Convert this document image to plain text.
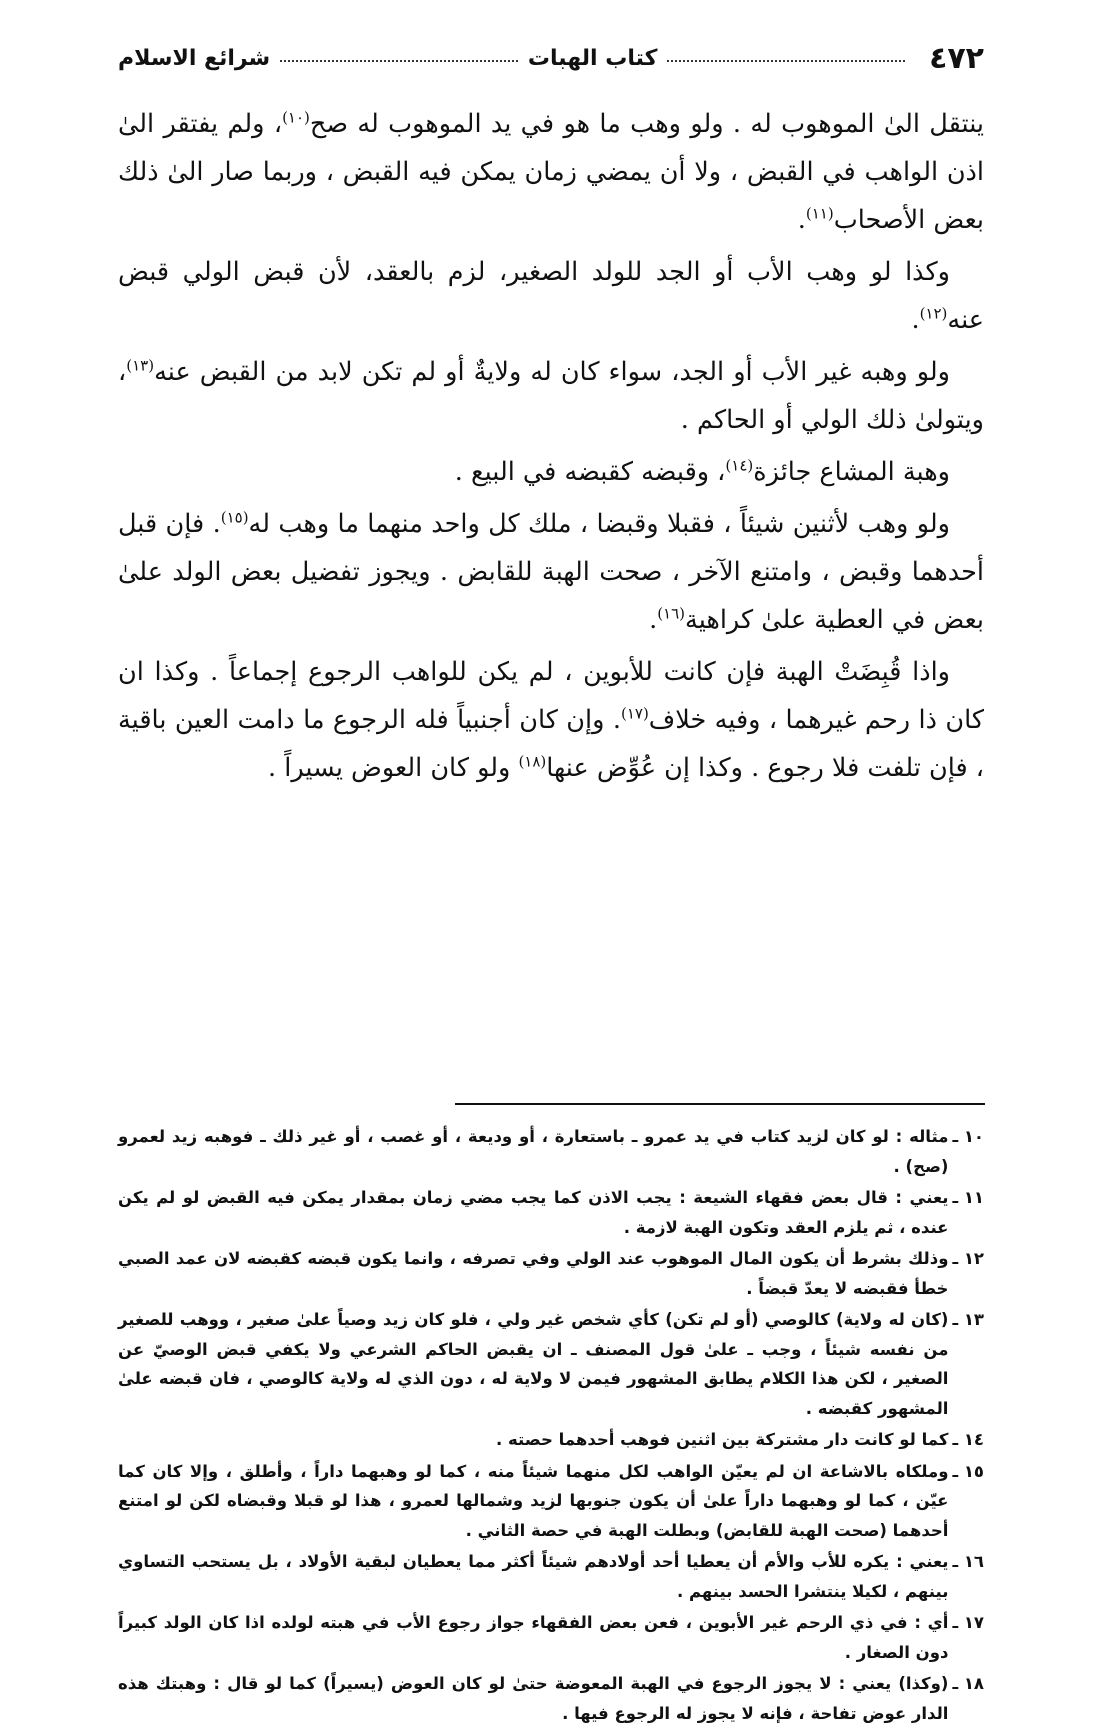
٤٧٢
كتاب الهبات
شرائع الاسلام

ينتقل الىٰ الموهوب له . ولو وهب ما هو في يد الموهوب له صح$^{(١٠)}$، ولم يفتقر الىٰ اذن الواهب في القبض ، ولا أن يمضي زمان يمكن فيه القبض ، وربما صار الىٰ ذلك بعض الأصحاب$^{(١١)}$.

وكذا لو وهب الأب أو الجد للولد الصغير، لزم بالعقد، لأن قبض الولي قبض عنه$^{(١٢)}$.

ولو وهبه غير الأب أو الجد، سواء كان له ولايةٌ أو لم تكن لابد من القبض عنه$^{(١٣)}$، ويتولىٰ ذلك الولي أو الحاكم .

وهبة المشاع جائزة$^{(١٤)}$، وقبضه كقبضه في البيع .

ولو وهب لأثنين شيئاً ، فقبلا وقبضا ، ملك كل واحد منهما ما وهب له$^{(١٥)}$. فإن قبل أحدهما وقبض ، وامتنع الآخر ، صحت الهبة للقابض . ويجوز تفضيل بعض الولد علىٰ بعض في العطية علىٰ كراهية$^{(١٦)}$.

واذا قُبِضَتْ الهبة فإن كانت للأبوين ، لم يكن للواهب الرجوع إجماعاً . وكذا ان كان ذا رحم غيرهما ، وفيه خلاف$^{(١٧)}$. وإن كان أجنبياً فله الرجوع ما دامت العين باقية ، فإن تلفت فلا رجوع . وكذا إن عُوِّض عنها$^{(١٨)}$ ولو كان العوض يسيراً .

١٠ ـ
مثاله : لو كان لزيد كتاب في يد عمرو ـ باستعارة ، أو وديعة ، أو غصب ، أو غير ذلك ـ فوهبه زيد لعمرو (صح) .
١١ ـ
يعني : قال بعض فقهاء الشيعة : يجب الاذن كما يجب مضي زمان بمقدار يمكن فيه القبض لو لم يكن عنده ، ثم يلزم العقد وتكون الهبة لازمة .
١٢ ـ
وذلك بشرط أن يكون المال الموهوب عند الولي وفي تصرفه ، وانما يكون قبضه كقبضه لان عمد الصبي خطأ فقبضه لا يعدّ قبضاً .
١٣ ـ
(كان له ولاية) كالوصي (أو لم تكن) كأي شخص غير ولي ، فلو كان زيد وصياً علىٰ صغير ، ووهب للصغير من نفسه شيئاً ، وجب ـ علىٰ قول المصنف ـ ان يقبض الحاكم الشرعي ولا يكفي قبض الوصيّ عن الصغير ، لكن هذا الكلام يطابق المشهور فيمن لا ولاية له ، دون الذي له ولاية كالوصي ، فان قبضه علىٰ المشهور كقبضه .
١٤ ـ
كما لو كانت دار مشتركة بين اثنين فوهب أحدهما حصته .
١٥ ـ
وملكاه بالاشاعة ان لم يعيّن الواهب لكل منهما شيئاً منه ، كما لو وهبهما داراً ، وأطلق ، وإلا كان كما عيّن ، كما لو وهبهما داراً علىٰ أن يكون جنوبها لزيد وشمالها لعمرو ، هذا لو قبلا وقبضاه لكن لو امتنع أحدهما (صحت الهبة للقابض) وبطلت الهبة في حصة الثاني .
١٦ ـ
يعني : يكره للأب والأم أن يعطيا أحد أولادهم شيئاً أكثر مما يعطيان لبقية الأولاد ، بل يستحب التساوي بينهم ، لكيلا ينتشرا الحسد بينهم .
١٧ ـ
أي : في ذي الرحم غير الأبوين ، فعن بعض الفقهاء جواز رجوع الأب في هبته لولده اذا كان الولد كبيراً دون الصغار .
١٨ ـ
(وكذا) يعني : لا يجوز الرجوع في الهبة المعوضة حتىٰ لو كان العوض (يسيراً) كما لو قال : وهبتك هذه الدار عوض تفاحة ، فإنه لا يجوز له الرجوع فيها .
